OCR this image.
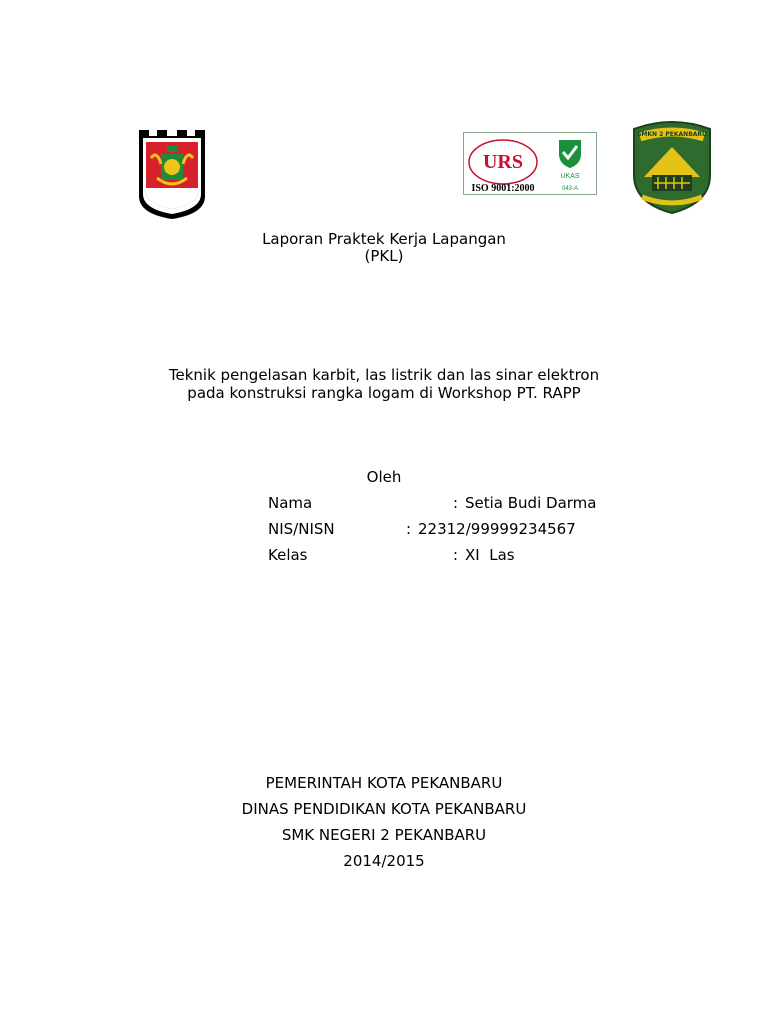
URS
ISO 9001:2000
UKAS
043-A
SMKN 2 PEKANBARU
Laporan Praktek Kerja Lapangan
(PKL)
Teknik pengelasan karbit, las listrik dan las sinar elektron
pada konstruksi rangka logam di Workshop PT. RAPP
Oleh
Nama	: Setia Budi Darma
NIS/NISN	: 22312/99999234567
Kelas	: XI  Las
PEMERINTAH KOTA PEKANBARU
DINAS PENDIDIKAN KOTA PEKANBARU
SMK NEGERI 2 PEKANBARU
2014/2015
